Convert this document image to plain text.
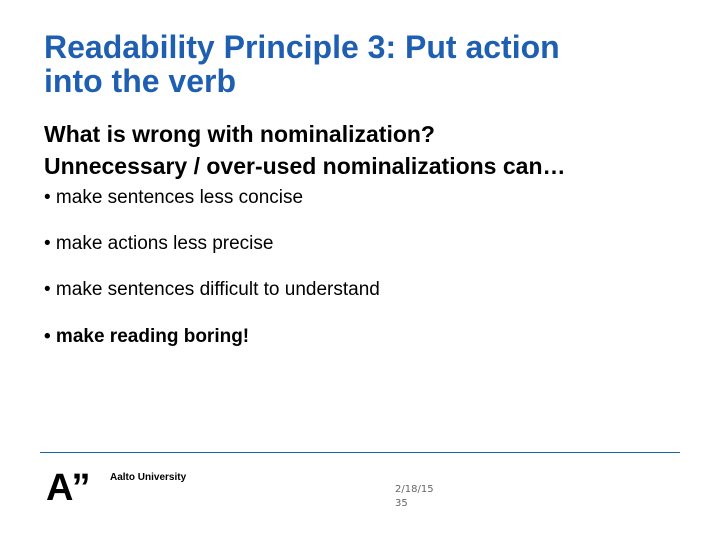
Readability Principle 3: Put action
into the verb
What is wrong with nominalization?
Unnecessary / over-used nominalizations can…
• make sentences less concise
• make actions less precise
• make sentences difficult to understand
• make reading boring!
A” Aalto University
2/18/15
35
